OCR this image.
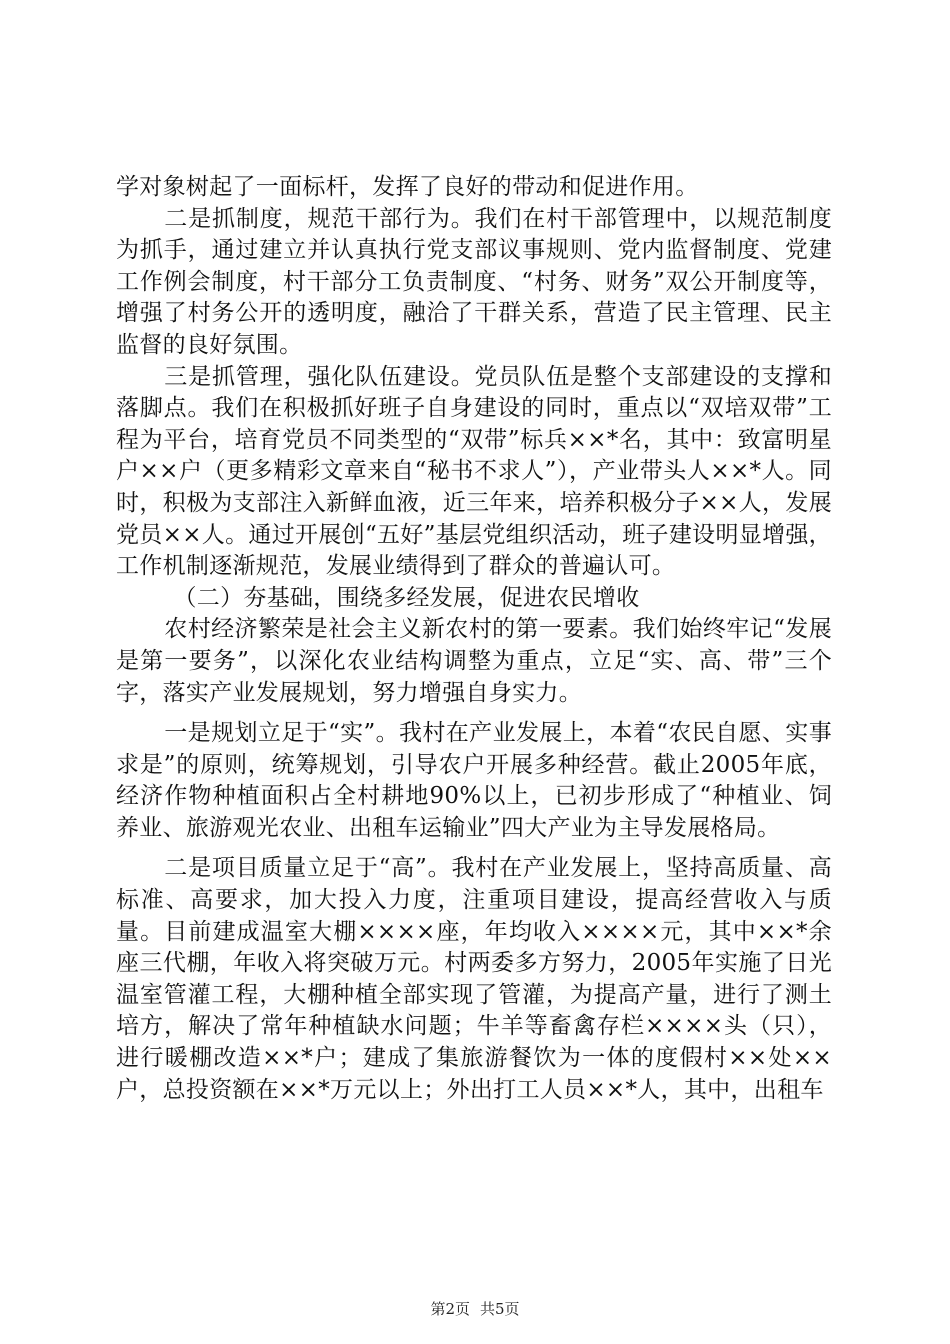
学对象树起了一面标杆，发挥了良好的带动和促进作用。

二是抓制度，规范干部行为。我们在村干部管理中，以规范制度为抓手，通过建立并认真执行党支部议事规则、党内监督制度、党建工作例会制度，村干部分工负责制度、“村务、财务”双公开制度等，增强了村务公开的透明度，融洽了干群关系，营造了民主管理、民主监督的良好氛围。

三是抓管理，强化队伍建设。党员队伍是整个支部建设的支撑和落脚点。我们在积极抓好班子自身建设的同时，重点以“双培双带”工程为平台，培育党员不同类型的“双带”标兵××*名，其中：致富明星户××户（更多精彩文章来自“秘书不求人”），产业带头人××*人。同时，积极为支部注入新鲜血液，近三年来，培养积极分子××人，发展党员××人。通过开展创“五好”基层党组织活动，班子建设明显增强，工作机制逐渐规范，发展业绩得到了群众的普遍认可。

（二）夯基础，围绕多经发展，促进农民增收

农村经济繁荣是社会主义新农村的第一要素。我们始终牢记“发展是第一要务”，以深化农业结构调整为重点，立足“实、高、带”三个字，落实产业发展规划，努力增强自身实力。

一是规划立足于“实”。我村在产业发展上，本着“农民自愿、实事求是”的原则，统筹规划，引导农户开展多种经营。截止2005年底，经济作物种植面积占全村耕地90%以上，已初步形成了“种植业、饲养业、旅游观光农业、出租车运输业”四大产业为主导发展格局。

二是项目质量立足于“高”。我村在产业发展上，坚持高质量、高标准、高要求，加大投入力度，注重项目建设，提高经营收入与质量。目前建成温室大棚××××座，年均收入××××元，其中××*余座三代棚，年收入将突破万元。村两委多方努力，2005年实施了日光温室管灌工程，大棚种植全部实现了管灌，为提高产量，进行了测土培方，解决了常年种植缺水问题；牛羊等畜禽存栏××××头（只），进行暖棚改造××*户；建成了集旅游餐饮为一体的度假村××处××户，总投资额在××*万元以上；外出打工人员××*人，其中，出租车

第2页 共5页
